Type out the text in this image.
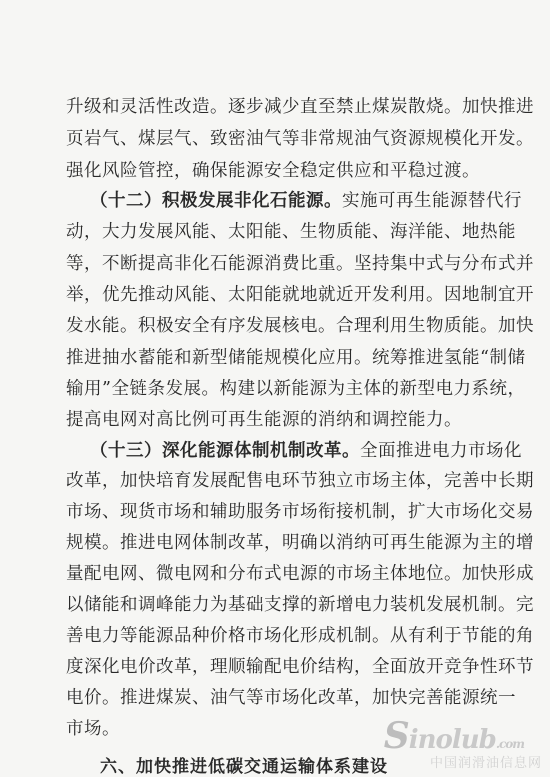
升级和灵活性改造。逐步减少直至禁止煤炭散烧。加快推进
页岩气、煤层气、致密油气等非常规油气资源规模化开发。
强化风险管控，确保能源安全稳定供应和平稳过渡。
（十二）积极发展非化石能源。实施可再生能源替代行
动，大力发展风能、太阳能、生物质能、海洋能、地热能
等，不断提高非化石能源消费比重。坚持集中式与分布式并
举，优先推动风能、太阳能就地就近开发利用。因地制宜开
发水能。积极安全有序发展核电。合理利用生物质能。加快
推进抽水蓄能和新型储能规模化应用。统筹推进氢能“制储
输用”全链条发展。构建以新能源为主体的新型电力系统，
提高电网对高比例可再生能源的消纳和调控能力。
（十三）深化能源体制机制改革。全面推进电力市场化
改革，加快培育发展配售电环节独立市场主体，完善中长期
市场、现货市场和辅助服务市场衔接机制，扩大市场化交易
规模。推进电网体制改革，明确以消纳可再生能源为主的增
量配电网、微电网和分布式电源的市场主体地位。加快形成
以储能和调峰能力为基础支撑的新增电力装机发展机制。完
善电力等能源品种价格市场化形成机制。从有利于节能的角
度深化电价改革，理顺输配电价结构，全面放开竞争性环节
电价。推进煤炭、油气等市场化改革，加快完善能源统一
市场。
六、加快推进低碳交通运输体系建设
Sinolub.com
中国润滑油信息网
